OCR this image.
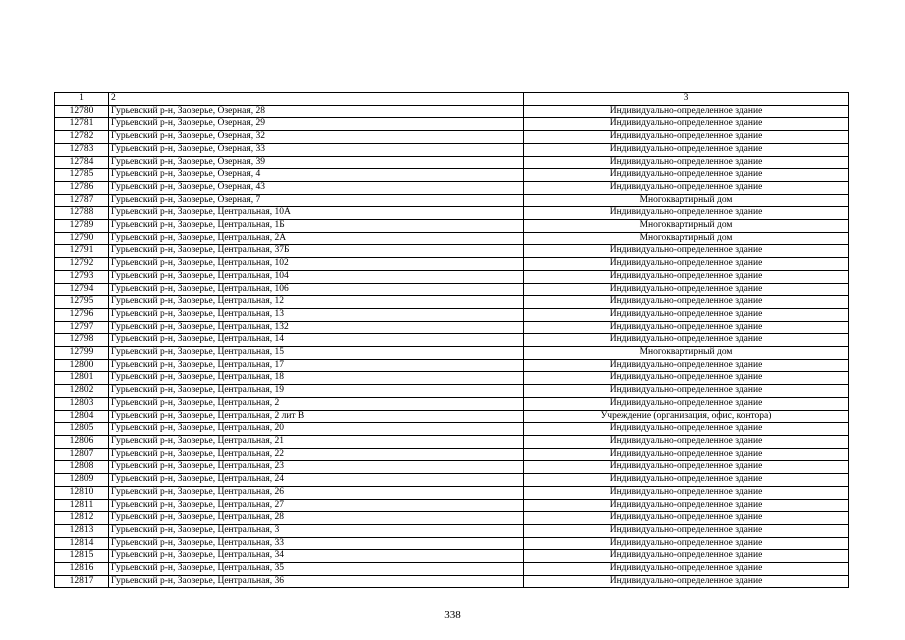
1	2	3
12780	Гурьевский р-н, Заозерье, Озерная, 28	Индивидуально-определенное здание
12781	Гурьевский р-н, Заозерье, Озерная, 29	Индивидуально-определенное здание
12782	Гурьевский р-н, Заозерье, Озерная, 32	Индивидуально-определенное здание
12783	Гурьевский р-н, Заозерье, Озерная, 33	Индивидуально-определенное здание
12784	Гурьевский р-н, Заозерье, Озерная, 39	Индивидуально-определенное здание
12785	Гурьевский р-н, Заозерье, Озерная, 4	Индивидуально-определенное здание
12786	Гурьевский р-н, Заозерье, Озерная, 43	Индивидуально-определенное здание
12787	Гурьевский р-н, Заозерье, Озерная, 7	Многоквартирный дом
12788	Гурьевский р-н, Заозерье, Центральная, 10А	Индивидуально-определенное здание
12789	Гурьевский р-н, Заозерье, Центральная, 1Б	Многоквартирный дом
12790	Гурьевский р-н, Заозерье, Центральная, 2А	Многоквартирный дом
12791	Гурьевский р-н, Заозерье, Центральная, 37Б	Индивидуально-определенное здание
12792	Гурьевский р-н, Заозерье, Центральная, 102	Индивидуально-определенное здание
12793	Гурьевский р-н, Заозерье, Центральная, 104	Индивидуально-определенное здание
12794	Гурьевский р-н, Заозерье, Центральная, 106	Индивидуально-определенное здание
12795	Гурьевский р-н, Заозерье, Центральная, 12	Индивидуально-определенное здание
12796	Гурьевский р-н, Заозерье, Центральная, 13	Индивидуально-определенное здание
12797	Гурьевский р-н, Заозерье, Центральная, 132	Индивидуально-определенное здание
12798	Гурьевский р-н, Заозерье, Центральная, 14	Индивидуально-определенное здание
12799	Гурьевский р-н, Заозерье, Центральная, 15	Многоквартирный дом
12800	Гурьевский р-н, Заозерье, Центральная, 17	Индивидуально-определенное здание
12801	Гурьевский р-н, Заозерье, Центральная, 18	Индивидуально-определенное здание
12802	Гурьевский р-н, Заозерье, Центральная, 19	Индивидуально-определенное здание
12803	Гурьевский р-н, Заозерье, Центральная, 2	Индивидуально-определенное здание
12804	Гурьевский р-н, Заозерье, Центральная, 2 лит В	Учреждение (организация, офис, контора)
12805	Гурьевский р-н, Заозерье, Центральная, 20	Индивидуально-определенное здание
12806	Гурьевский р-н, Заозерье, Центральная, 21	Индивидуально-определенное здание
12807	Гурьевский р-н, Заозерье, Центральная, 22	Индивидуально-определенное здание
12808	Гурьевский р-н, Заозерье, Центральная, 23	Индивидуально-определенное здание
12809	Гурьевский р-н, Заозерье, Центральная, 24	Индивидуально-определенное здание
12810	Гурьевский р-н, Заозерье, Центральная, 26	Индивидуально-определенное здание
12811	Гурьевский р-н, Заозерье, Центральная, 27	Индивидуально-определенное здание
12812	Гурьевский р-н, Заозерье, Центральная, 28	Индивидуально-определенное здание
12813	Гурьевский р-н, Заозерье, Центральная, 3	Индивидуально-определенное здание
12814	Гурьевский р-н, Заозерье, Центральная, 33	Индивидуально-определенное здание
12815	Гурьевский р-н, Заозерье, Центральная, 34	Индивидуально-определенное здание
12816	Гурьевский р-н, Заозерье, Центральная, 35	Индивидуально-определенное здание
12817	Гурьевский р-н, Заозерье, Центральная, 36	Индивидуально-определенное здание
338
